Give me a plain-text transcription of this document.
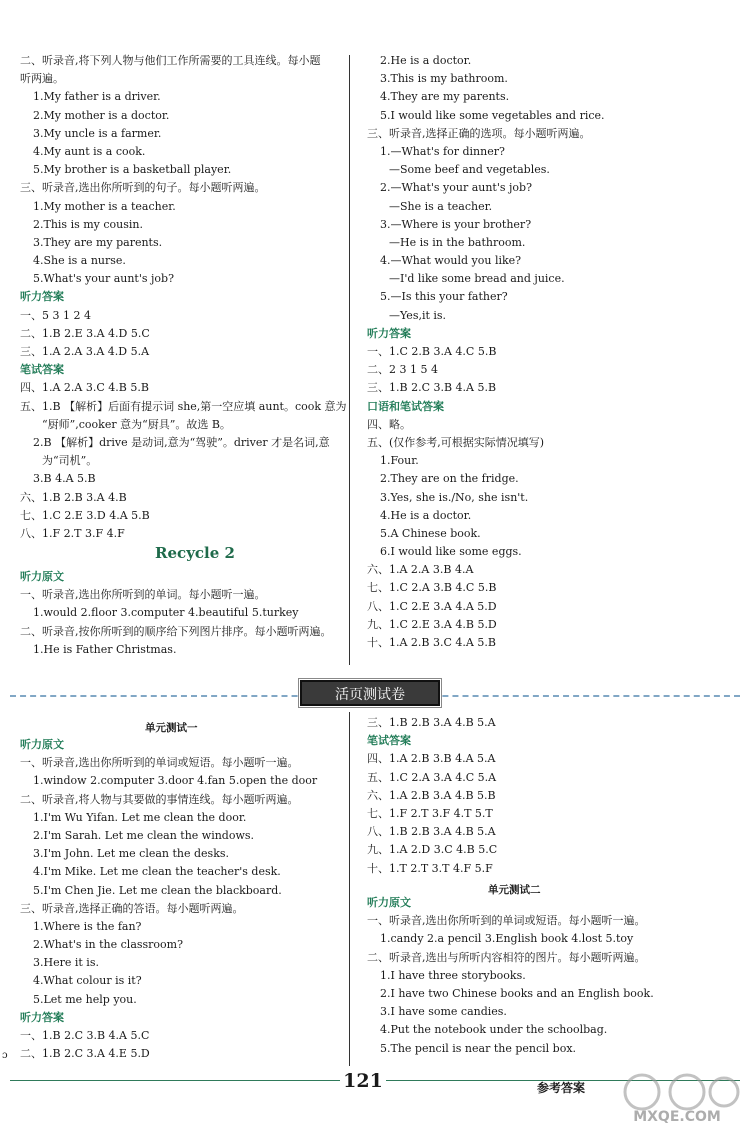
二、听录音,将下列人物与他们工作所需要的工具连线。每小题
听两遍。
1.My father is a driver.
2.My mother is a doctor.
3.My uncle is a farmer.
4.My aunt is a cook.
5.My brother is a basketball player.
三、听录音,选出你所听到的句子。每小题听两遍。
1.My mother is a teacher.
2.This is my cousin.
3.They are my parents.
4.She is a nurse.
5.What's your aunt's job?
听力答案
一、5 3 1 2 4
二、1.B 2.E 3.A 4.D 5.C
三、1.A 2.A 3.A 4.D 5.A
笔试答案
四、1.A 2.A 3.C 4.B 5.B
五、1.B 【解析】后面有提示词 she,第一空应填 aunt。cook 意为
“厨师”,cooker 意为“厨具”。故选 B。
2.B 【解析】drive 是动词,意为“驾驶”。driver 才是名词,意
为“司机”。
3.B 4.A 5.B
六、1.B 2.B 3.A 4.B
七、1.C 2.E 3.D 4.A 5.B
八、1.F 2.T 3.F 4.F
Recycle 2
听力原文
一、听录音,选出你所听到的单词。每小题听一遍。
1.would 2.floor 3.computer 4.beautiful 5.turkey
二、听录音,按你所听到的顺序给下列图片排序。每小题听两遍。
1.He is Father Christmas.
2.He is a doctor.
3.This is my bathroom.
4.They are my parents.
5.I would like some vegetables and rice.
三、听录音,选择正确的选项。每小题听两遍。
1.—What's for dinner?
—Some beef and vegetables.
2.—What's your aunt's job?
—She is a teacher.
3.—Where is your brother?
—He is in the bathroom.
4.—What would you like?
—I'd like some bread and juice.
5.—Is this your father?
—Yes,it is.
听力答案
一、1.C 2.B 3.A 4.C 5.B
二、2 3 1 5 4
三、1.B 2.C 3.B 4.A 5.B
口语和笔试答案
四、略。
五、(仅作参考,可根据实际情况填写)
1.Four.
2.They are on the fridge.
3.Yes, she is./No, she isn't.
4.He is a doctor.
5.A Chinese book.
6.I would like some eggs.
六、1.A 2.A 3.B 4.A
七、1.C 2.A 3.B 4.C 5.B
八、1.C 2.E 3.A 4.A 5.D
九、1.C 2.E 3.A 4.B 5.D
十、1.A 2.B 3.C 4.A 5.B
活页测试卷
单元测试一
听力原文
一、听录音,选出你所听到的单词或短语。每小题听一遍。
1.window 2.computer 3.door 4.fan 5.open the door
二、听录音,将人物与其要做的事情连线。每小题听两遍。
1.I'm Wu Yifan. Let me clean the door.
2.I'm Sarah. Let me clean the windows.
3.I'm John. Let me clean the desks.
4.I'm Mike. Let me clean the teacher's desk.
5.I'm Chen Jie. Let me clean the blackboard.
三、听录音,选择正确的答语。每小题听两遍。
1.Where is the fan?
2.What's in the classroom?
3.Here it is.
4.What colour is it?
5.Let me help you.
听力答案
一、1.B 2.C 3.B 4.A 5.C
二、1.B 2.C 3.A 4.E 5.D
三、1.B 2.B 3.A 4.B 5.A
笔试答案
四、1.A 2.B 3.B 4.A 5.A
五、1.C 2.A 3.A 4.C 5.A
六、1.A 2.B 3.A 4.B 5.B
七、1.F 2.T 3.F 4.T 5.T
八、1.B 2.B 3.A 4.B 5.A
九、1.A 2.D 3.C 4.B 5.C
十、1.T 2.T 3.T 4.F 5.F
单元测试二
听力原文
一、听录音,选出你所听到的单词或短语。每小题听一遍。
1.candy 2.a pencil 3.English book 4.lost 5.toy
二、听录音,选出与所听内容相符的图片。每小题听两遍。
1.I have three storybooks.
2.I have two Chinese books and an English book.
3.I have some candies.
4.Put the notebook under the schoolbag.
5.The pencil is near the pencil box.
ɔ
121	参考答案
MXQE.COM
